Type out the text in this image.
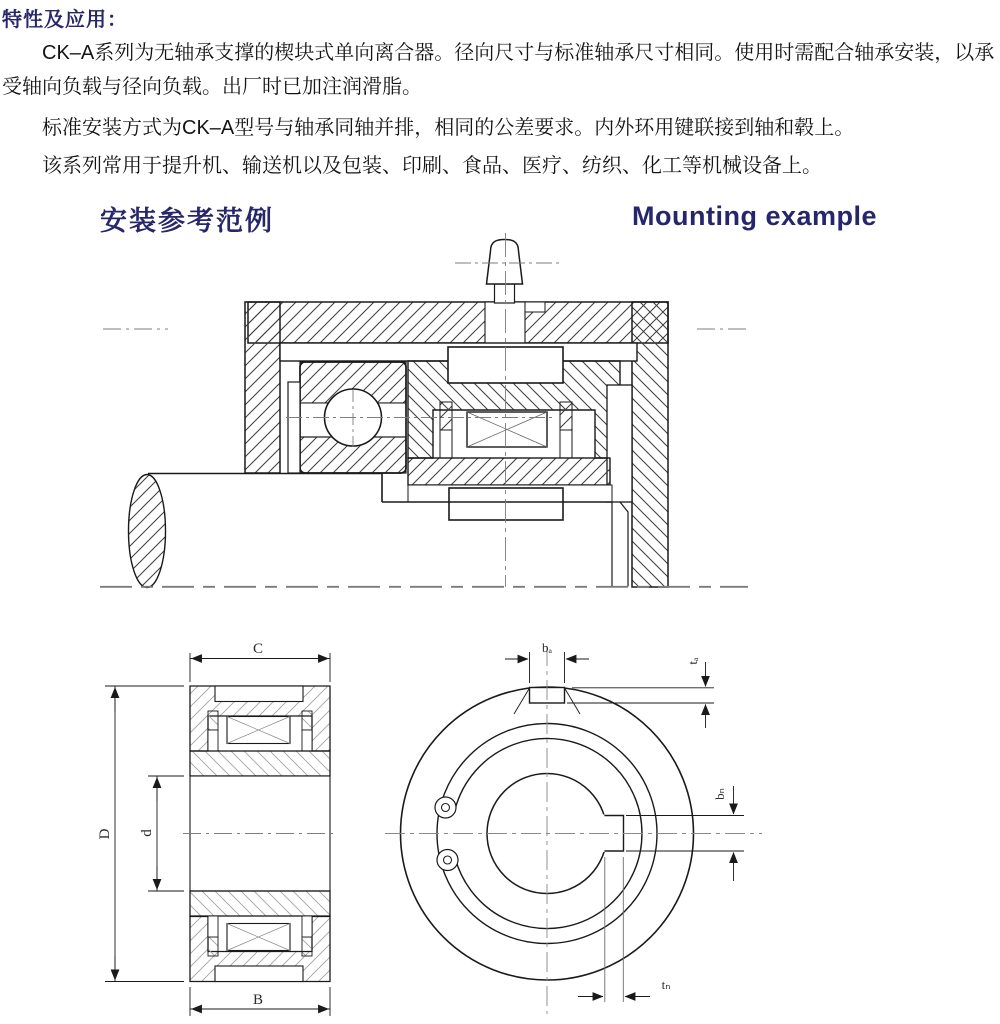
特性及应用：

CK–A系列为无轴承支撑的楔块式单向离合器。径向尺寸与标准轴承尺寸相同。使用时需配合轴承安装，以承受轴向负载与径向负载。出厂时已加注润滑脂。

标准安装方式为CK–A型号与轴承同轴并排，相同的公差要求。内外环用键联接到轴和毂上。

该系列常用于提升机、输送机以及包装、印刷、食品、医疗、纺织、化工等机械设备上。

安装参考范例	Mounting example
C
B
D d
bₐ
tₐ
bₙ
tₙ
